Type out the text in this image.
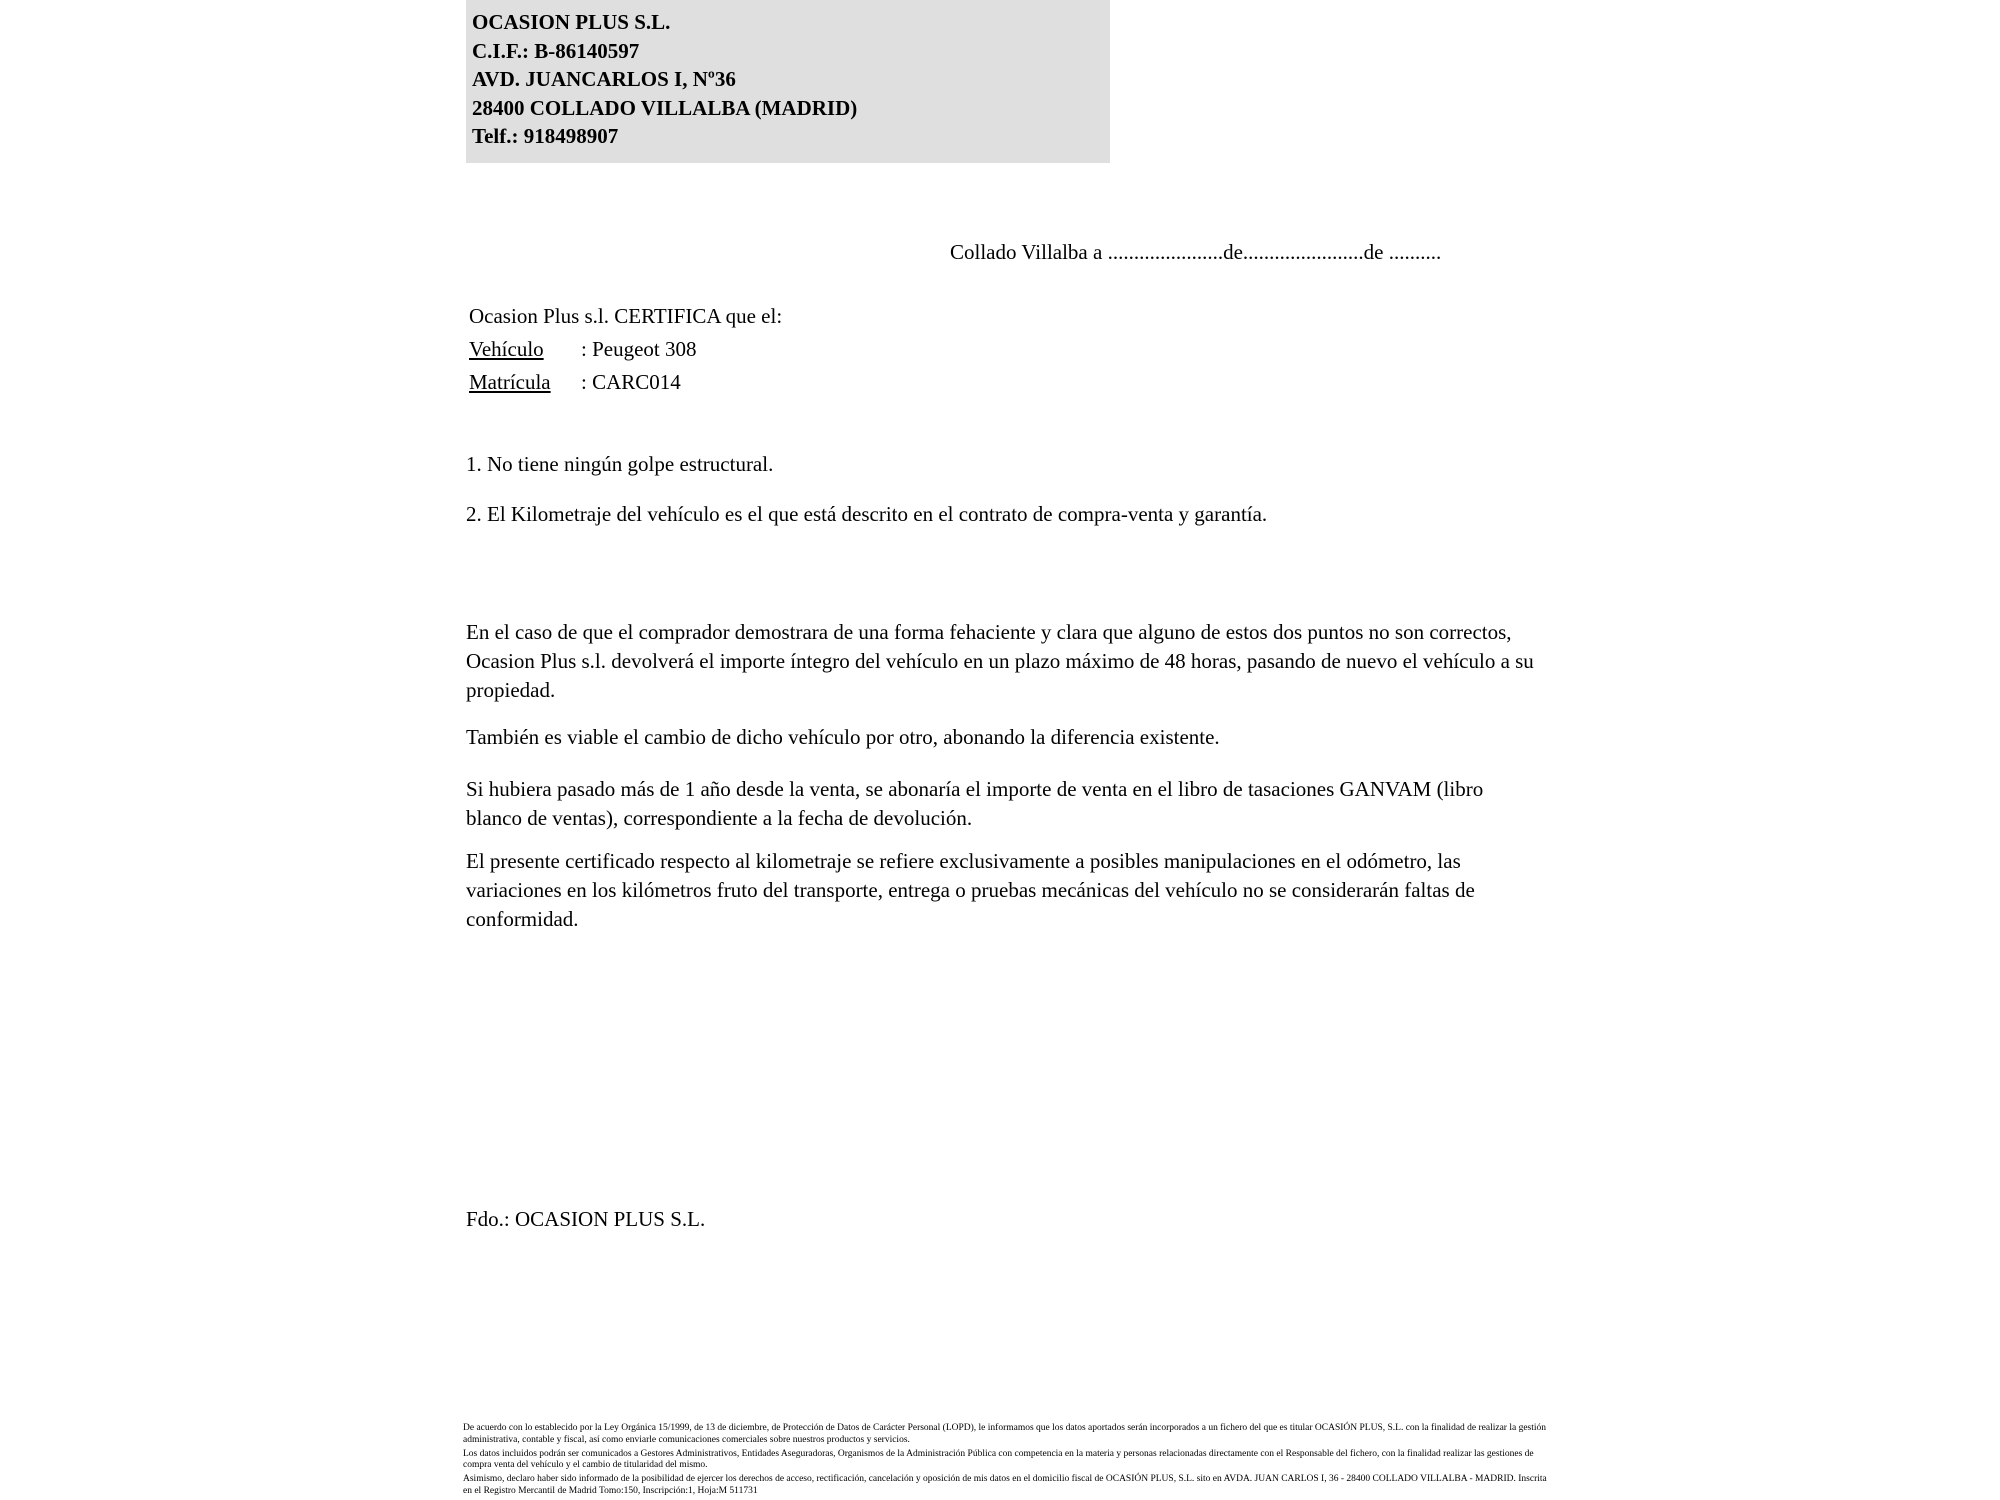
OCASION PLUS S.L.
C.I.F.: B-86140597
AVD. JUANCARLOS I, Nº36
28400 COLLADO VILLALBA (MADRID)
Telf.: 918498907
Collado Villalba a ......................de.......................de ..........
Ocasion Plus s.l. CERTIFICA que el:
Vehículo : Peugeot 308
Matrícula : CARC014
1. No tiene ningún golpe estructural.
2. El Kilometraje del vehículo es el que está descrito en el contrato de compra-venta y garantía.
En el caso de que el comprador demostrara de una forma fehaciente y clara que alguno de estos dos puntos no son correctos, Ocasion Plus s.l. devolverá el importe íntegro del vehículo en un plazo máximo de 48 horas, pasando de nuevo el vehículo a su propiedad.
También es viable el cambio de dicho vehículo por otro, abonando la diferencia existente.
Si hubiera pasado más de 1 año desde la venta, se abonaría el importe de venta en el libro de tasaciones GANVAM (libro blanco de ventas), correspondiente a la fecha de devolución.
El presente certificado respecto al kilometraje se refiere exclusivamente a posibles manipulaciones en el odómetro, las variaciones en los kilómetros fruto del transporte, entrega o pruebas mecánicas del vehículo no se considerarán faltas de conformidad.
Fdo.: OCASION PLUS S.L.

De acuerdo con lo establecido por la Ley Orgánica 15/1999, de 13 de diciembre, de Protección de Datos de Carácter Personal (LOPD), le informamos que los datos aportados serán incorporados a un fichero del que es titular OCASIÓN PLUS, S.L. con la finalidad de realizar la gestión administrativa, contable y fiscal, así como enviarle comunicaciones comerciales sobre nuestros productos y servicios.

Los datos incluidos podrán ser comunicados a Gestores Administrativos, Entidades Aseguradoras, Organismos de la Administración Pública con competencia en la materia y personas relacionadas directamente con el Responsable del fichero, con la finalidad realizar las gestiones de compra venta del vehículo y el cambio de titularidad del mismo.

Asimismo, declaro haber sido informado de la posibilidad de ejercer los derechos de acceso, rectificación, cancelación y oposición de mis datos en el domicilio fiscal de OCASIÓN PLUS, S.L. sito en AVDA. JUAN CARLOS I, 36 - 28400 COLLADO VILLALBA - MADRID. Inscrita en el Registro Mercantil de Madrid Tomo:150, Inscripción:1, Hoja:M 511731
